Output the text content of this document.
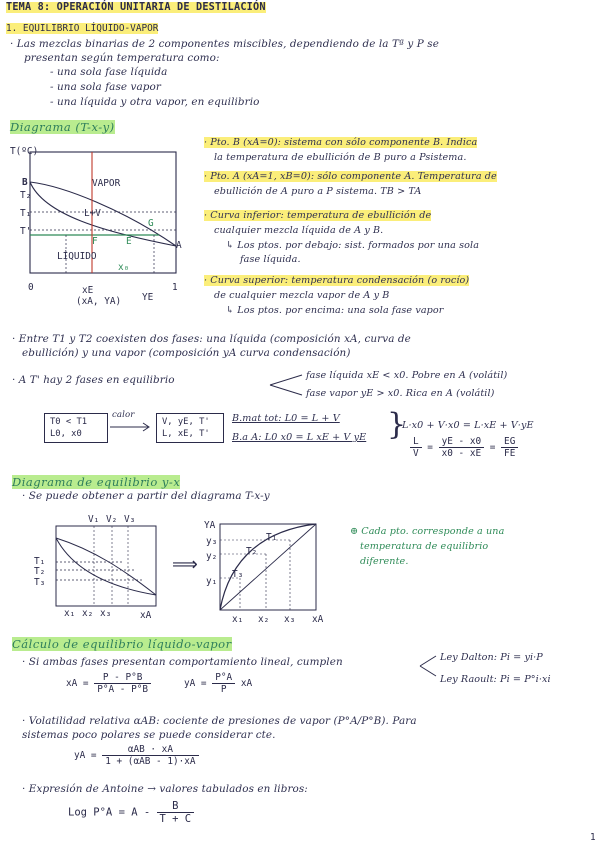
TEMA 8: OPERACIÓN UNITARIA DE DESTILACIÓN
1. EQUILIBRIO LÍQUIDO-VAPOR
· Las mezclas binarias de 2 componentes miscibles, dependiendo de la Tª y P se
presentan según temperatura como:
- una sola fase líquida
- una sola fase vapor
- una líquida y otra vapor, en equilibrio
Diagrama (T-x-y)
T(ºC)
B
T₂
T₁
T'
VAPOR
L+V
LÍQUIDO
G
E
F	A
x₀
0	1
xE
YE
(xA, YA)
· Pto. B (xA=0): sistema con sólo componente B. Indica
la temperatura de ebullición de B puro a Psistema.
· Pto. A (xA=1, xB=0): sólo componente A. Temperatura de
ebullición de A puro a P sistema. TB > TA
· Curva inferior: temperatura de ebullición de
cualquier mezcla líquida de A y B.
↳ Los ptos. por debajo: sist. formados por una sola
fase líquida.
· Curva superior: temperatura condensación (o rocío)
de cualquier mezcla vapor de A y B
↳ Los ptos. por encima: una sola fase vapor
· Entre T1 y T2 coexisten dos fases: una líquida (composición xA, curva de
ebullición) y una vapor (composición yA curva condensación)
· A T' hay 2 fases en equilibrio	fase líquida xE < x0. Pobre en A (volátil)
fase vapor yE > x0. Rica en A (volátil)
T0 < T1
L0, x0
calor
V, yE, T'
L, xE, T'
B.mat tot: L0 = L + V
B.a A: L0 x0 = L xE + V yE }
L·x0 + V·x0 = L·xE + V·yE
$\frac{L}{V} = \frac{yE - x0}{x0 - xE} = \frac{EG}{FE}$
Diagrama de equilibrio y-x
· Se puede obtener a partir del diagrama T-x-y
V₁ V₂ V₃
T₁
T₂
T₃
x₁ x₂ x₃	xA
⟹
YA
y₃
y₂
y₁
T₁
T₂
T₃
x₁ x₂ x₃ xA
⊕ Cada pto. corresponde a una
temperatura de equilibrio
diferente.
Cálculo de equilibrio líquido-vapor
· Si ambas fases presentan comportamiento lineal, cumplen	Ley Dalton: Pi = yi·P
Ley Raoult: Pi = P°i·xi
xA = $\frac{P - P^\circ B}{P^\circ A - P^\circ B}$	yA = $\frac{P^\circ A}{P}$ xA
· Volatilidad relativa αAB: cociente de presiones de vapor (P°A/P°B). Para
sistemas poco polares se puede considerar cte.
yA = $\frac{\text{αAB · xA}}{\text{1 + (αAB - 1)·xA}}$
· Expresión de Antoine → valores tabulados en libros:
Log $P^\circ A = A - \frac{B}{T + C}$
1
